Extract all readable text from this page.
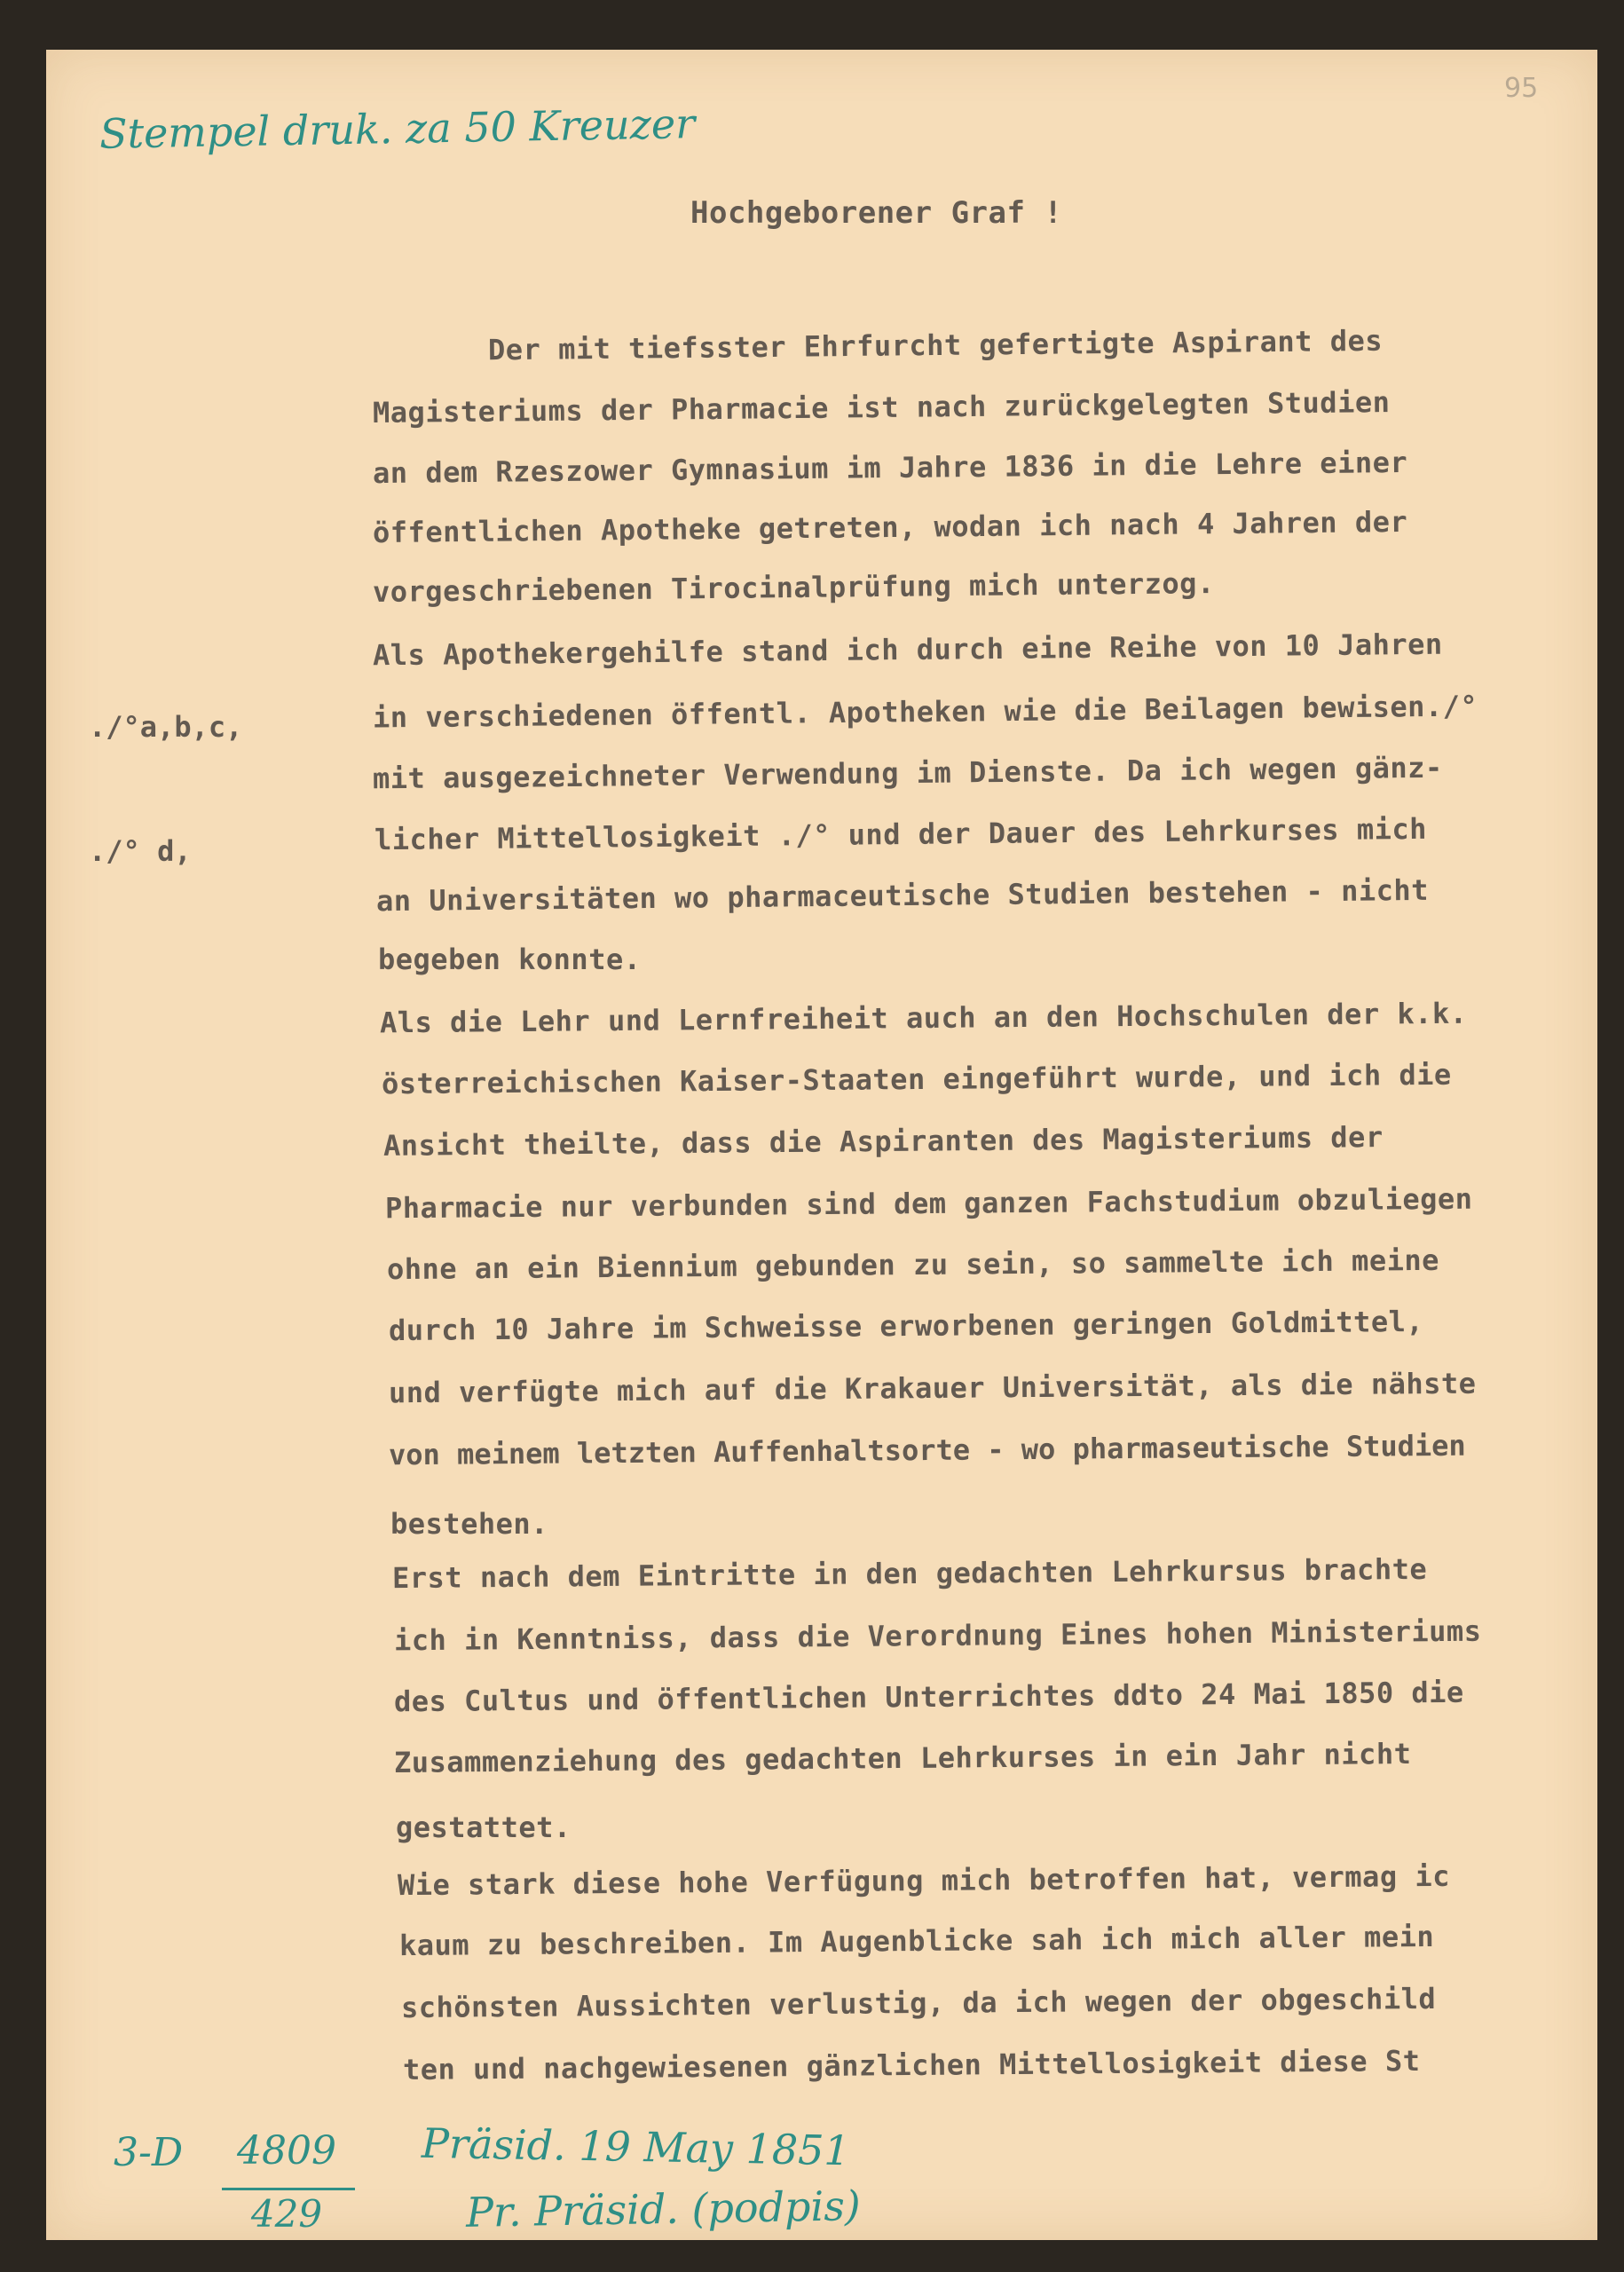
Stempel druk. za 50 Kreuzer
95
Hochgeborener Graf !
./°a,b,c,
./° d,
Der mit tiefsster Ehrfurcht gefertigte Aspirant des
Magisteriums der Pharmacie ist nach zurückgelegten Studien
an dem Rzeszower Gymnasium im Jahre 1836 in die Lehre einer
öffentlichen Apotheke getreten, wodan ich nach 4 Jahren der
vorgeschriebenen Tirocinalprüfung mich unterzog.
Als Apothekergehilfe stand ich durch eine Reihe von 10 Jahren
in verschiedenen öffentl. Apotheken wie die Beilagen bewisen./°
mit ausgezeichneter Verwendung im Dienste. Da ich wegen gänz-
licher Mittellosigkeit ./° und der Dauer des Lehrkurses mich
an Universitäten wo pharmaceutische Studien bestehen - nicht
begeben konnte.
Als die Lehr und Lernfreiheit auch an den Hochschulen der k.k.
österreichischen Kaiser-Staaten eingeführt wurde, und ich die
Ansicht theilte, dass die Aspiranten des Magisteriums der
Pharmacie nur verbunden sind dem ganzen Fachstudium obzuliegen
ohne an ein Biennium gebunden zu sein, so sammelte ich meine
durch 10 Jahre im Schweisse erworbenen geringen Goldmittel,
und verfügte mich auf die Krakauer Universität, als die nähste
von meinem letzten Auffenhaltsorte - wo pharmaseutische Studien
bestehen.
Erst nach dem Eintritte in den gedachten Lehrkursus brachte
ich in Kenntniss, dass die Verordnung Eines hohen Ministeriums
des Cultus und öffentlichen Unterrichtes ddto 24 Mai 1850 die
Zusammenziehung des gedachten Lehrkurses in ein Jahr nicht
gestattet.
Wie stark diese hohe Verfügung mich betroffen hat, vermag ic
kaum zu beschreiben. Im Augenblicke sah ich mich aller mein
schönsten Aussichten verlustig, da ich wegen der obgeschild
ten und nachgewiesenen gänzlichen Mittellosigkeit diese St
3-D	4809
429
Präsid. 19 May 1851
Pr. Präsid. (podpis)
